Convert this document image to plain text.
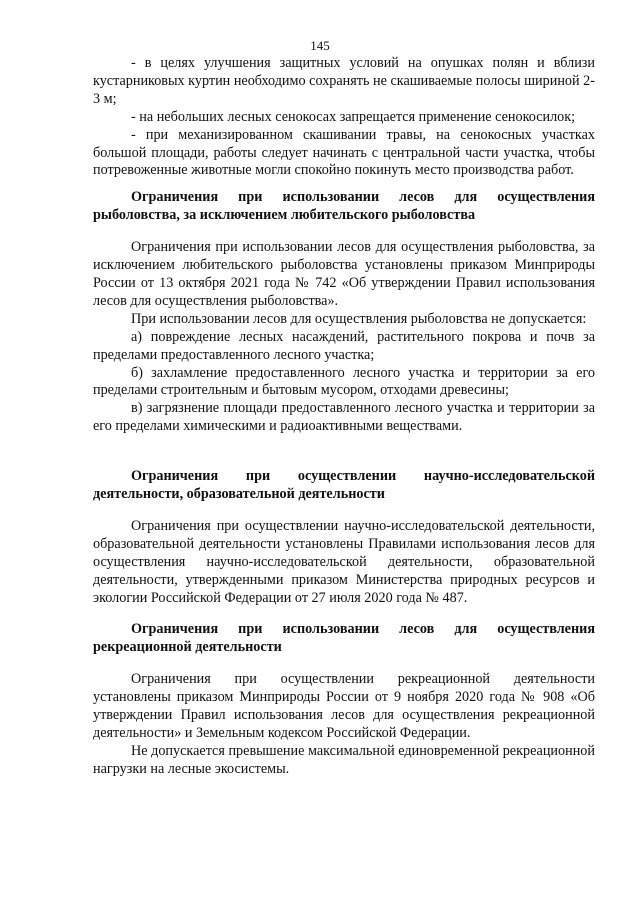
145

- в целях улучшения защитных условий на опушках полян и вблизи кустарниковых куртин необходимо сохранять не скашиваемые полосы шириной 2-3 м;

- на небольших лесных сенокосах запрещается применение сенокосилок;

- при механизированном скашивании травы, на сенокосных участках большой площади, работы следует начинать с центральной части участка, чтобы потревоженные животные могли спокойно покинуть место производства работ.

Ограничения при использовании лесов для осуществления рыболовства, за исключением любительского рыболовства

Ограничения при использовании лесов для осуществления рыболовства, за исключением любительского рыболовства установлены приказом Минприроды России от 13 октября 2021 года № 742 «Об утверждении Правил использования лесов для осуществления рыболовства».

При использовании лесов для осуществления рыболовства не допускается:

а) повреждение лесных насаждений, растительного покрова и почв за пределами предоставленного лесного участка;

б) захламление предоставленного лесного участка и территории за его пределами строительным и бытовым мусором, отходами древесины;

в) загрязнение площади предоставленного лесного участка и территории за его пределами химическими и радиоактивными веществами.

Ограничения при осуществлении научно-исследовательской деятельности, образовательной деятельности

Ограничения при осуществлении научно-исследовательской деятельности, образовательной деятельности установлены Правилами использования лесов для осуществления научно-исследовательской деятельности, образовательной деятельности, утвержденными приказом Министерства природных ресурсов и экологии Российской Федерации от 27 июля 2020 года № 487.

Ограничения при использовании лесов для осуществления рекреационной деятельности

Ограничения при осуществлении рекреационной деятельности установлены приказом Минприроды России от 9 ноября 2020 года № 908 «Об утверждении Правил использования лесов для осуществления рекреационной деятельности» и Земельным кодексом Российской Федерации.

Не допускается превышение максимальной единовременной рекреационной нагрузки на лесные экосистемы.
